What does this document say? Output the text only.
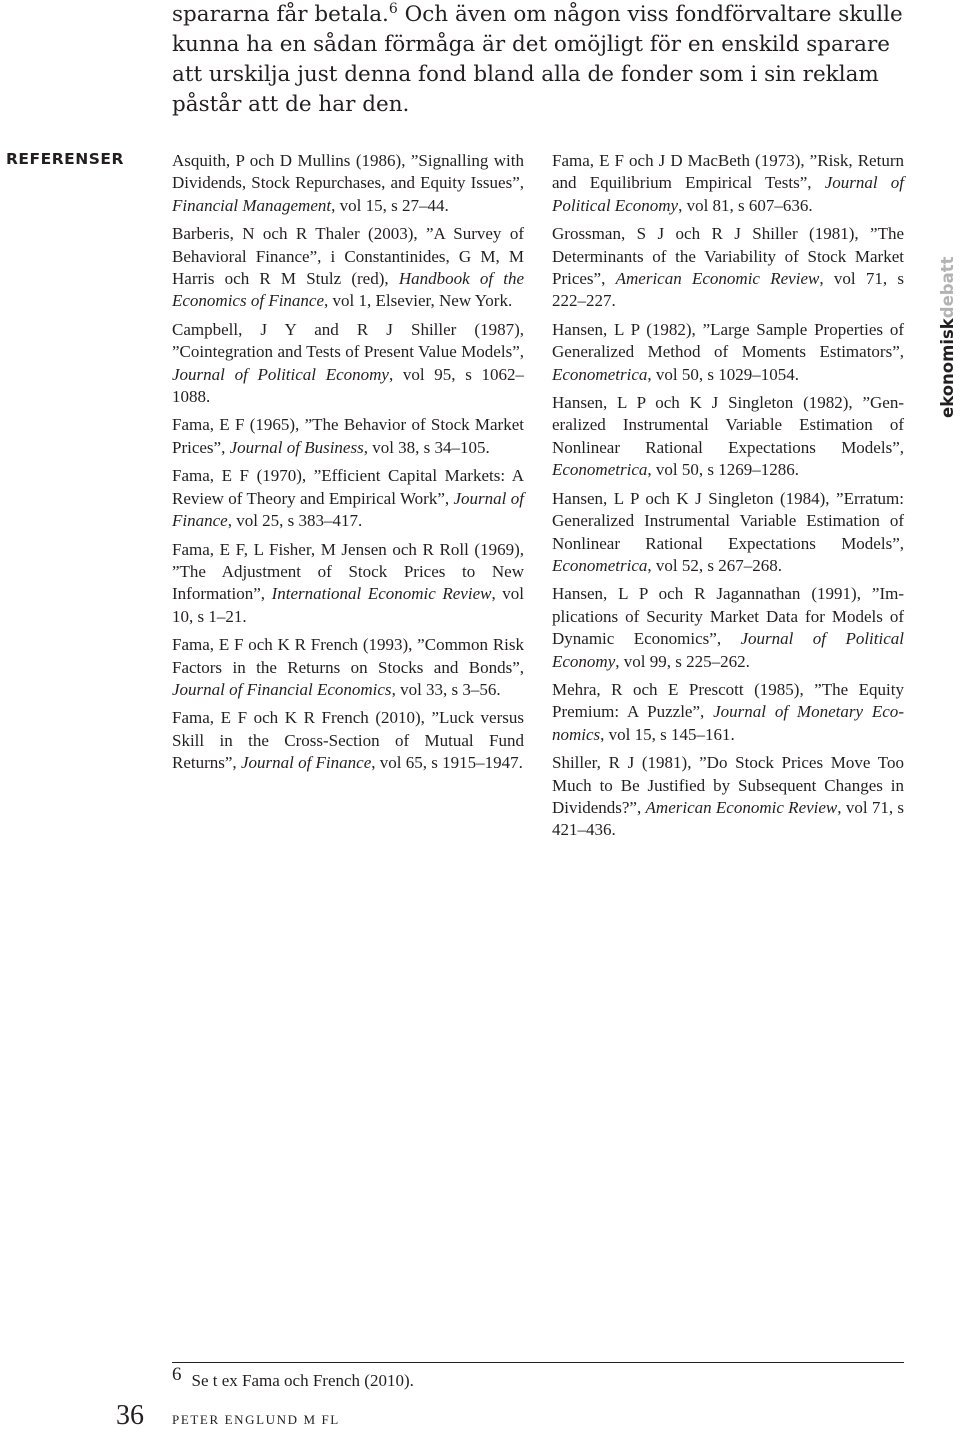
spararna får betala.$^6$ Och även om någon viss fondförvaltare skulle kunna ha en sådan förmåga är det omöjligt för en enskild sparare att urskilja just denna fond bland alla de fonder som i sin reklam påstår att de har den.
REFERENSER	Asquith, P och D Mullins (1986), ”Signalling with Dividends, Stock Repurchases, and Equity Issues”, Financial Management, vol 15, s 27–44.

Barberis, N och R Thaler (2003), ”A Survey of Behavioral Finance”, i Constantinides, G M, M Harris och R M Stulz (red), Handbook of the Economics of Finance, vol 1, Elsevier, New York.

Campbell, J Y and R J Shiller (1987), ”Cointegration and Tests of Present Value Models”, Journal of Political Economy, vol 95, s 1062–1088.

Fama, E F (1965), ”The Behavior of Stock Market Prices”, Journal of Business, vol 38, s 34–105.

Fama, E F (1970), ”Efficient Capital Markets: A Review of Theory and Empirical Work”, Journal of Finance, vol 25, s 383–417.

Fama, E F, L Fisher, M Jensen och R Roll (1969), ”The Adjustment of Stock Prices to New Information”, International Economic Review, vol 10, s 1–21.

Fama, E F och K R French (1993), ”Common Risk Factors in the Returns on Stocks and Bonds”, Journal of Financial Economics, vol 33, s 3–56.

Fama, E F och K R French (2010), ”Luck versus Skill in the Cross-Section of Mutual Fund Returns”, Journal of Finance, vol 65, s 1915–1947.

Fama, E F och J D MacBeth (1973), ”Risk, Return and Equilibrium Empirical Tests”, Journal of Political Economy, vol 81, s 607–636.

Grossman, S J och R J Shiller (1981), ”The Determinants of the Variability of Stock Market Prices”, American Economic Review, vol 71, s 222–227.

Hansen, L P (1982), ”Large Sample Properties of Generalized Method of Moments Estimators”, Econometrica, vol 50, s 1029–1054.

Hansen, L P och K J Singleton (1982), ”Generalized Instrumental Variable Estimation of Nonlinear Rational Expectations Models”, Econometrica, vol 50, s 1269–1286.

Hansen, L P och K J Singleton (1984), ”Erratum: Generalized Instrumental Variable Estimation of Nonlinear Rational Expectations Models”, Econometrica, vol 52, s 267–268.

Hansen, L P och R Jagannathan (1991), ”Implications of Security Market Data for Models of Dynamic Economics”, Journal of Political Economy, vol 99, s 225–262.

Mehra, R och E Prescott (1985), ”The Equity Premium: A Puzzle”, Journal of Monetary Economics, vol 15, s 145–161.

Shiller, R J (1981), ”Do Stock Prices Move Too Much to Be Justified by Subsequent Changes in Dividends?”, American Economic Review, vol 71, s 421–436.

ekonomiskdebatt
6 Se t ex Fama och French (2010).
36 PETER ENGLUND M FL
